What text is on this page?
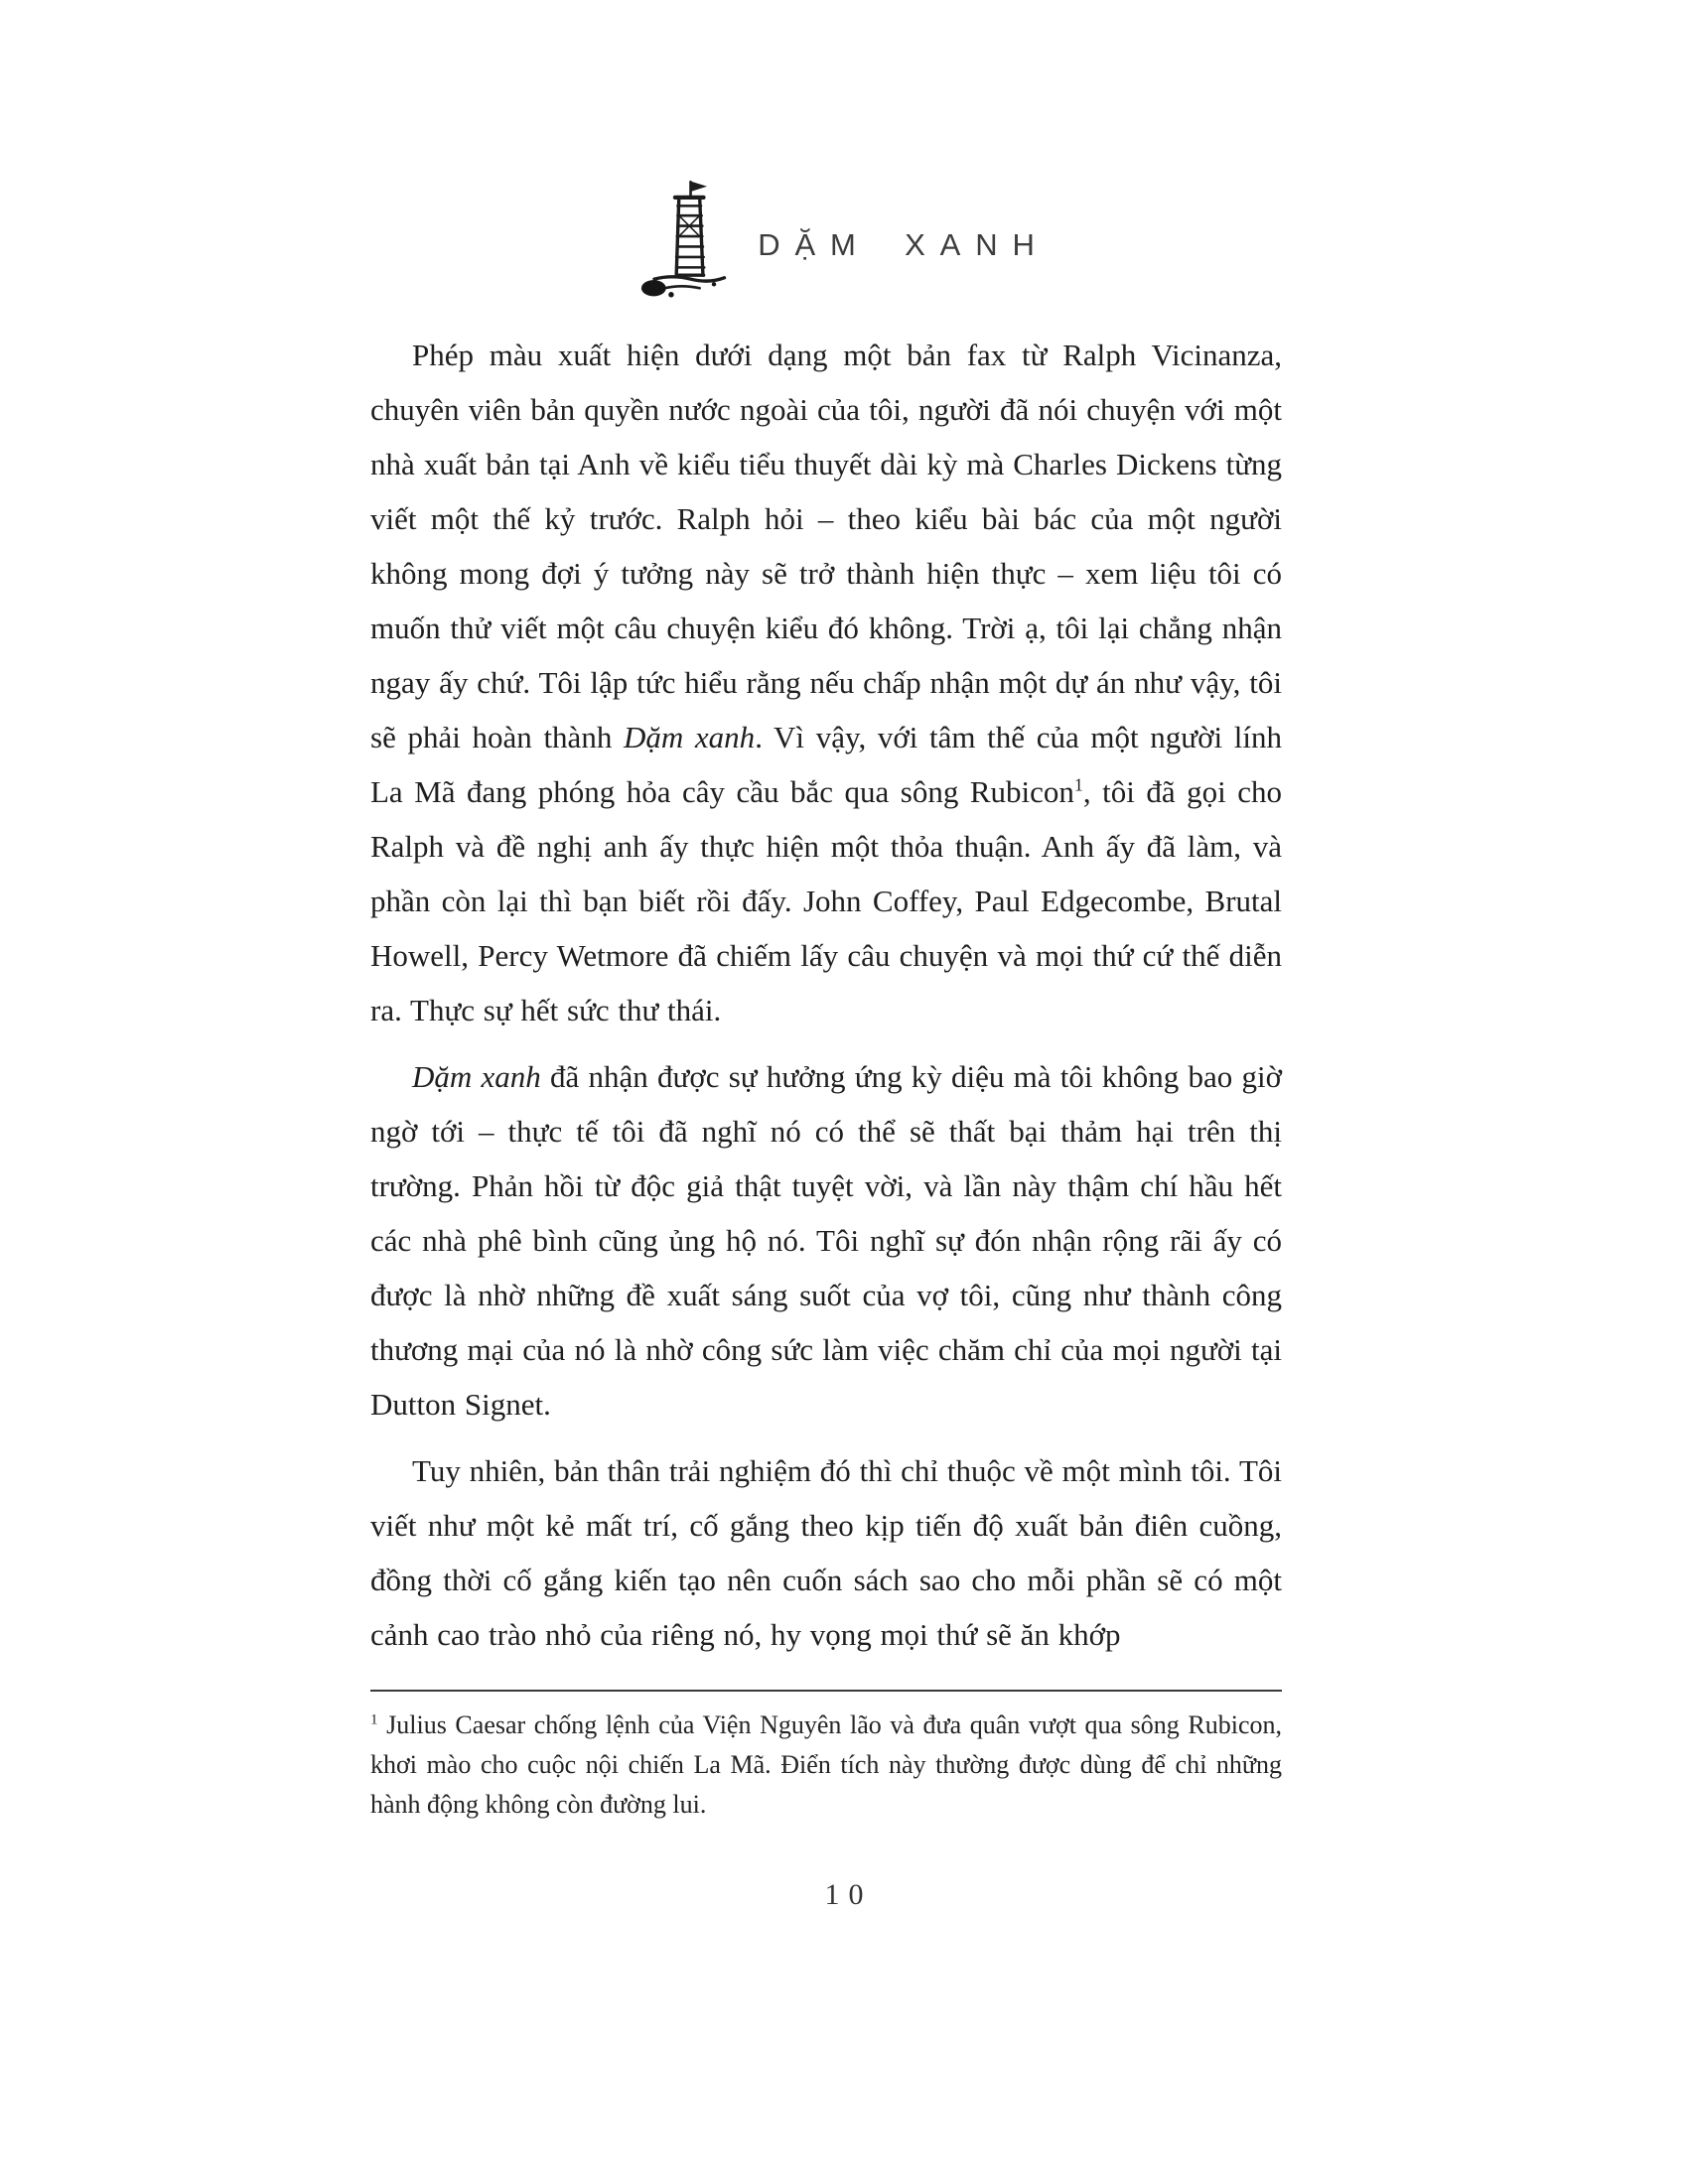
DẶM XANH

Phép màu xuất hiện dưới dạng một bản fax từ Ralph Vicinanza, chuyên viên bản quyền nước ngoài của tôi, người đã nói chuyện với một nhà xuất bản tại Anh về kiểu tiểu thuyết dài kỳ mà Charles Dickens từng viết một thế kỷ trước. Ralph hỏi – theo kiểu bài bác của một người không mong đợi ý tưởng này sẽ trở thành hiện thực – xem liệu tôi có muốn thử viết một câu chuyện kiểu đó không. Trời ạ, tôi lại chẳng nhận ngay ấy chứ. Tôi lập tức hiểu rằng nếu chấp nhận một dự án như vậy, tôi sẽ phải hoàn thành Dặm xanh. Vì vậy, với tâm thế của một người lính La Mã đang phóng hỏa cây cầu bắc qua sông Rubicon$^1$, tôi đã gọi cho Ralph và đề nghị anh ấy thực hiện một thỏa thuận. Anh ấy đã làm, và phần còn lại thì bạn biết rồi đấy. John Coffey, Paul Edgecombe, Brutal Howell, Percy Wetmore đã chiếm lấy câu chuyện và mọi thứ cứ thế diễn ra. Thực sự hết sức thư thái.

Dặm xanh đã nhận được sự hưởng ứng kỳ diệu mà tôi không bao giờ ngờ tới – thực tế tôi đã nghĩ nó có thể sẽ thất bại thảm hại trên thị trường. Phản hồi từ độc giả thật tuyệt vời, và lần này thậm chí hầu hết các nhà phê bình cũng ủng hộ nó. Tôi nghĩ sự đón nhận rộng rãi ấy có được là nhờ những đề xuất sáng suốt của vợ tôi, cũng như thành công thương mại của nó là nhờ công sức làm việc chăm chỉ của mọi người tại Dutton Signet.

Tuy nhiên, bản thân trải nghiệm đó thì chỉ thuộc về một mình tôi. Tôi viết như một kẻ mất trí, cố gắng theo kịp tiến độ xuất bản điên cuồng, đồng thời cố gắng kiến tạo nên cuốn sách sao cho mỗi phần sẽ có một cảnh cao trào nhỏ của riêng nó, hy vọng mọi thứ sẽ ăn khớp

$^1$ Julius Caesar chống lệnh của Viện Nguyên lão và đưa quân vượt qua sông Rubicon, khơi mào cho cuộc nội chiến La Mã. Điển tích này thường được dùng để chỉ những hành động không còn đường lui.

10
